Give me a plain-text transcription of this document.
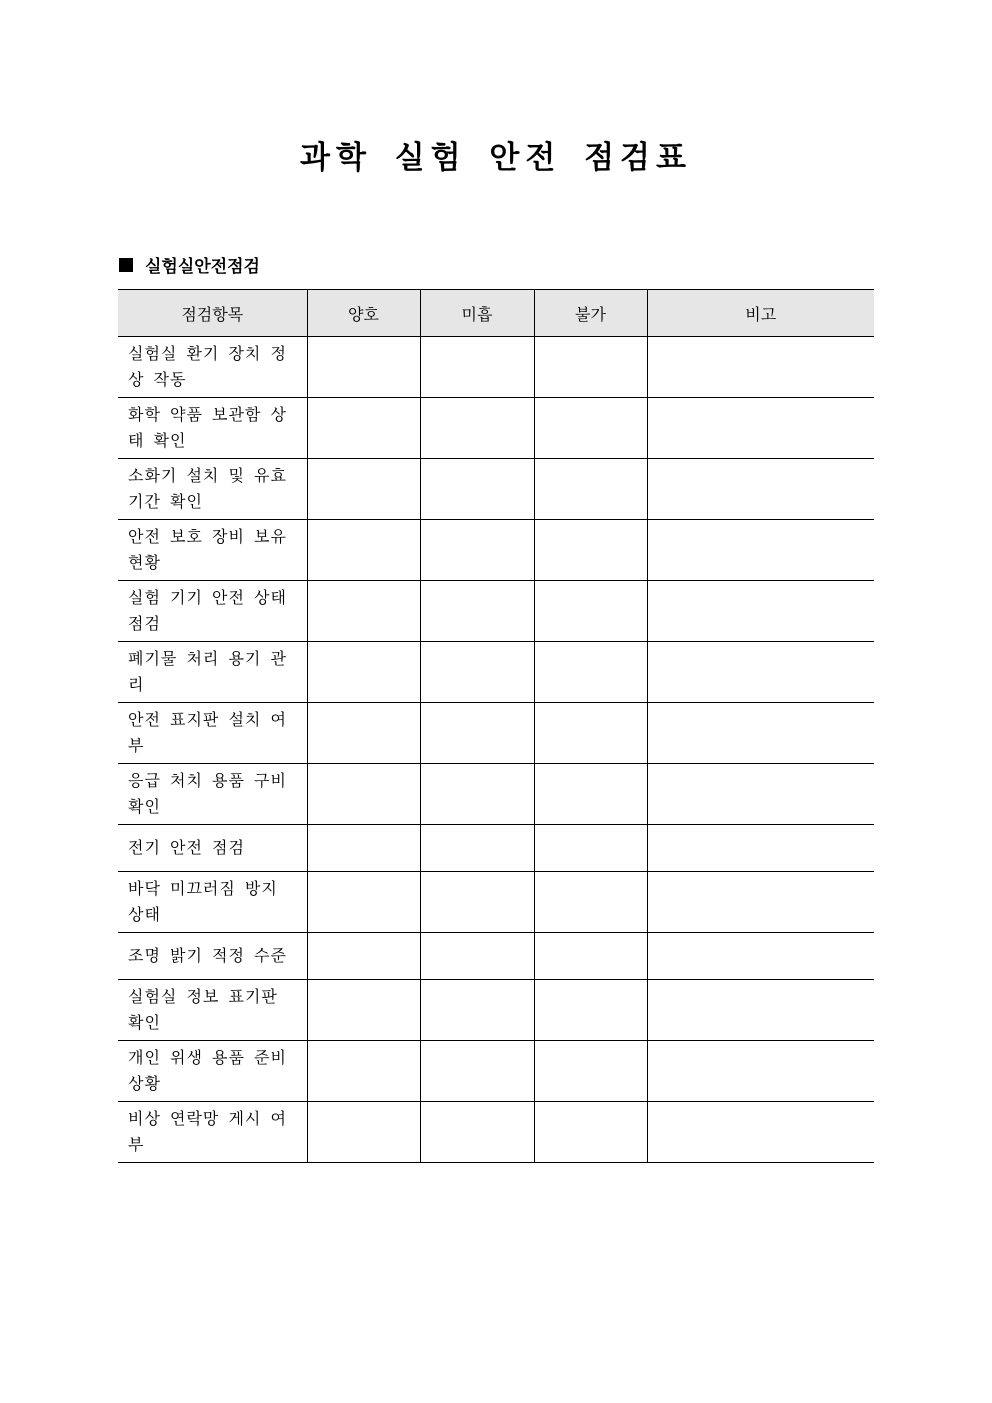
과학 실험 안전 점검표
실험실안전점검
점검항목	양호	미흡	불가	비고
실험실 환기 장치 정상 작동				
화학 약품 보관함 상태 확인				
소화기 설치 및 유효기간 확인				
안전 보호 장비 보유 현황				
실험 기기 안전 상태 점검				
폐기물 처리 용기 관리				
안전 표지판 설치 여부				
응급 처치 용품 구비 확인				
전기 안전 점검				
바닥 미끄러짐 방지 상태				
조명 밝기 적정 수준				
실험실 정보 표기판 확인				
개인 위생 용품 준비 상황				
비상 연락망 게시 여부				
